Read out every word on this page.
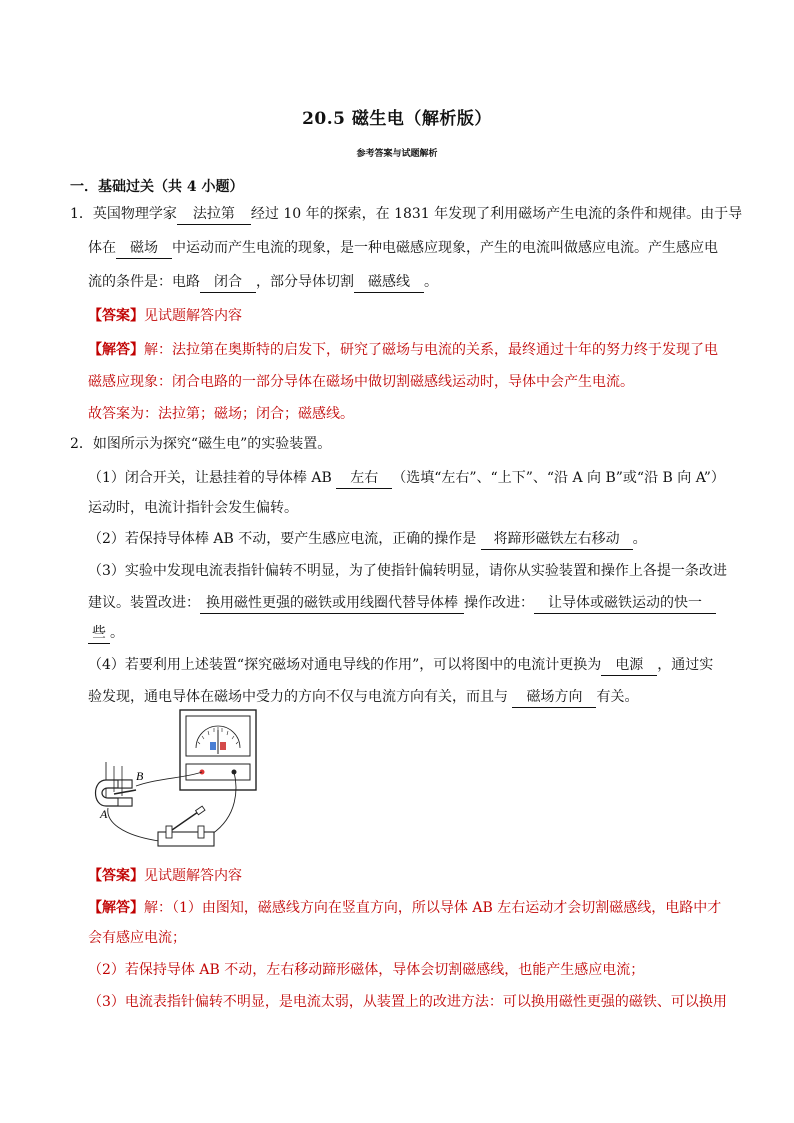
20.5 磁生电（解析版）
参考答案与试题解析
一．基础过关（共 4 小题）
1．英国物理学家 法拉第 经过 10 年的探索，在 1831 年发现了利用磁场产生电流的条件和规律。由于导
体在 磁场 中运动而产生电流的现象，是一种电磁感应现象，产生的电流叫做感应电流。产生感应电
流的条件是：电路 闭合 ，部分导体切割 磁感线 。
【答案】见试题解答内容
【解答】解：法拉第在奥斯特的启发下，研究了磁场与电流的关系，最终通过十年的努力终于发现了电
磁感应现象：闭合电路的一部分导体在磁场中做切割磁感线运动时，导体中会产生电流。
故答案为：法拉第；磁场；闭合；磁感线。
2．如图所示为探究“磁生电”的实验装置。
（1）闭合开关，让悬挂着的导体棒 AB 左右 （选填“左右”、“上下”、“沿 A 向 B”或“沿 B 向 A”）
运动时，电流计指针会发生偏转。
（2）若保持导体棒 AB 不动，要产生感应电流，正确的操作是 将蹄形磁铁左右移动 。
（3）实验中发现电流表指针偏转不明显，为了使指针偏转明显，请你从实验装置和操作上各提一条改进
建议。装置改进： 换用磁性更强的磁铁或用线圈代替导体棒 操作改进： 让导体或磁铁运动的快一
些 。
（4）若要利用上述装置“探究磁场对通电导线的作用”，可以将图中的电流计更换为 电源 ，通过实
验发现，通电导体在磁场中受力的方向不仅与电流方向有关，而且与 磁场方向 有关。
B
A
【答案】见试题解答内容
【解答】解：（1）由图知，磁感线方向在竖直方向，所以导体 AB 左右运动才会切割磁感线，电路中才
会有感应电流；
（2）若保持导体 AB 不动，左右移动蹄形磁体，导体会切割磁感线，也能产生感应电流；
（3）电流表指针偏转不明显，是电流太弱，从装置上的改进方法：可以换用磁性更强的磁铁、可以换用
